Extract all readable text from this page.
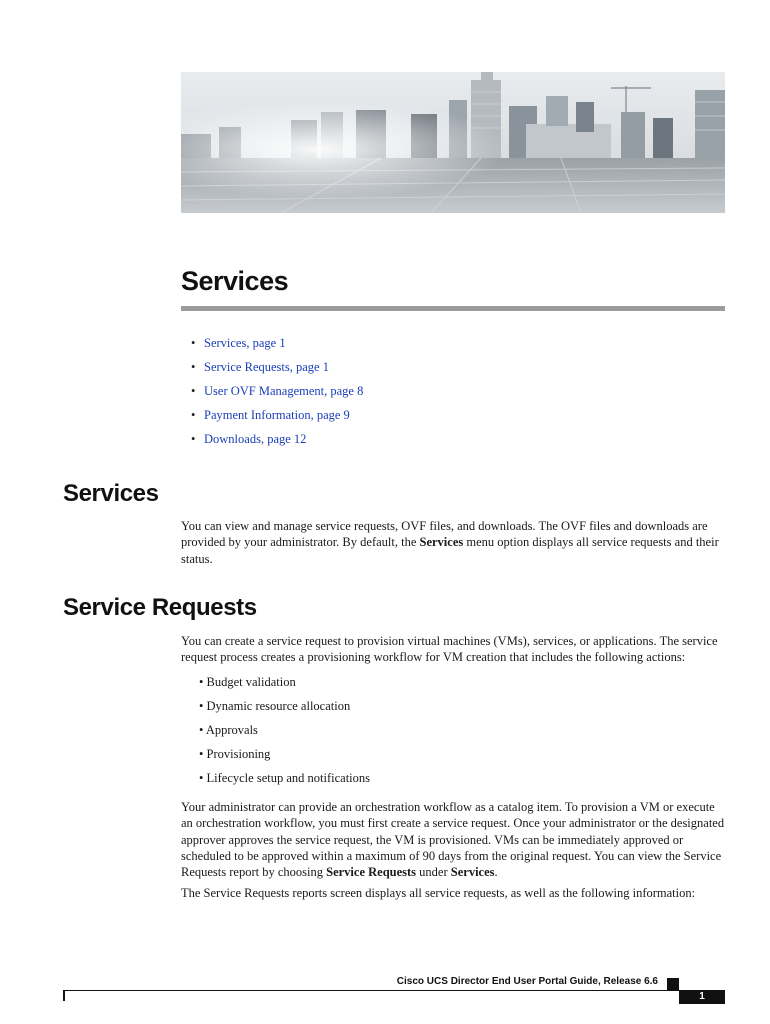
Services
• Services, page 1
• Service Requests, page 1
• User OVF Management, page 8
• Payment Information, page 9
• Downloads, page 12
Services

You can view and manage service requests, OVF files, and downloads. The OVF files and downloads are provided by your administrator. By default, the Services menu option displays all service requests and their status.

Service Requests

You can create a service request to provision virtual machines (VMs), services, or applications. The service request process creates a provisioning workflow for VM creation that includes the following actions:

• Budget validation
• Dynamic resource allocation
• Approvals
• Provisioning
• Lifecycle setup and notifications

Your administrator can provide an orchestration workflow as a catalog item. To provision a VM or execute an orchestration workflow, you must first create a service request. Once your administrator or the designated approver approves the service request, the VM is provisioned. VMs can be immediately approved or scheduled to be approved within a maximum of 90 days from the original request. You can view the Service Requests report by choosing Service Requests under Services.

The Service Requests reports screen displays all service requests, as well as the following information:

Cisco UCS Director End User Portal Guide, Release 6.6
1
